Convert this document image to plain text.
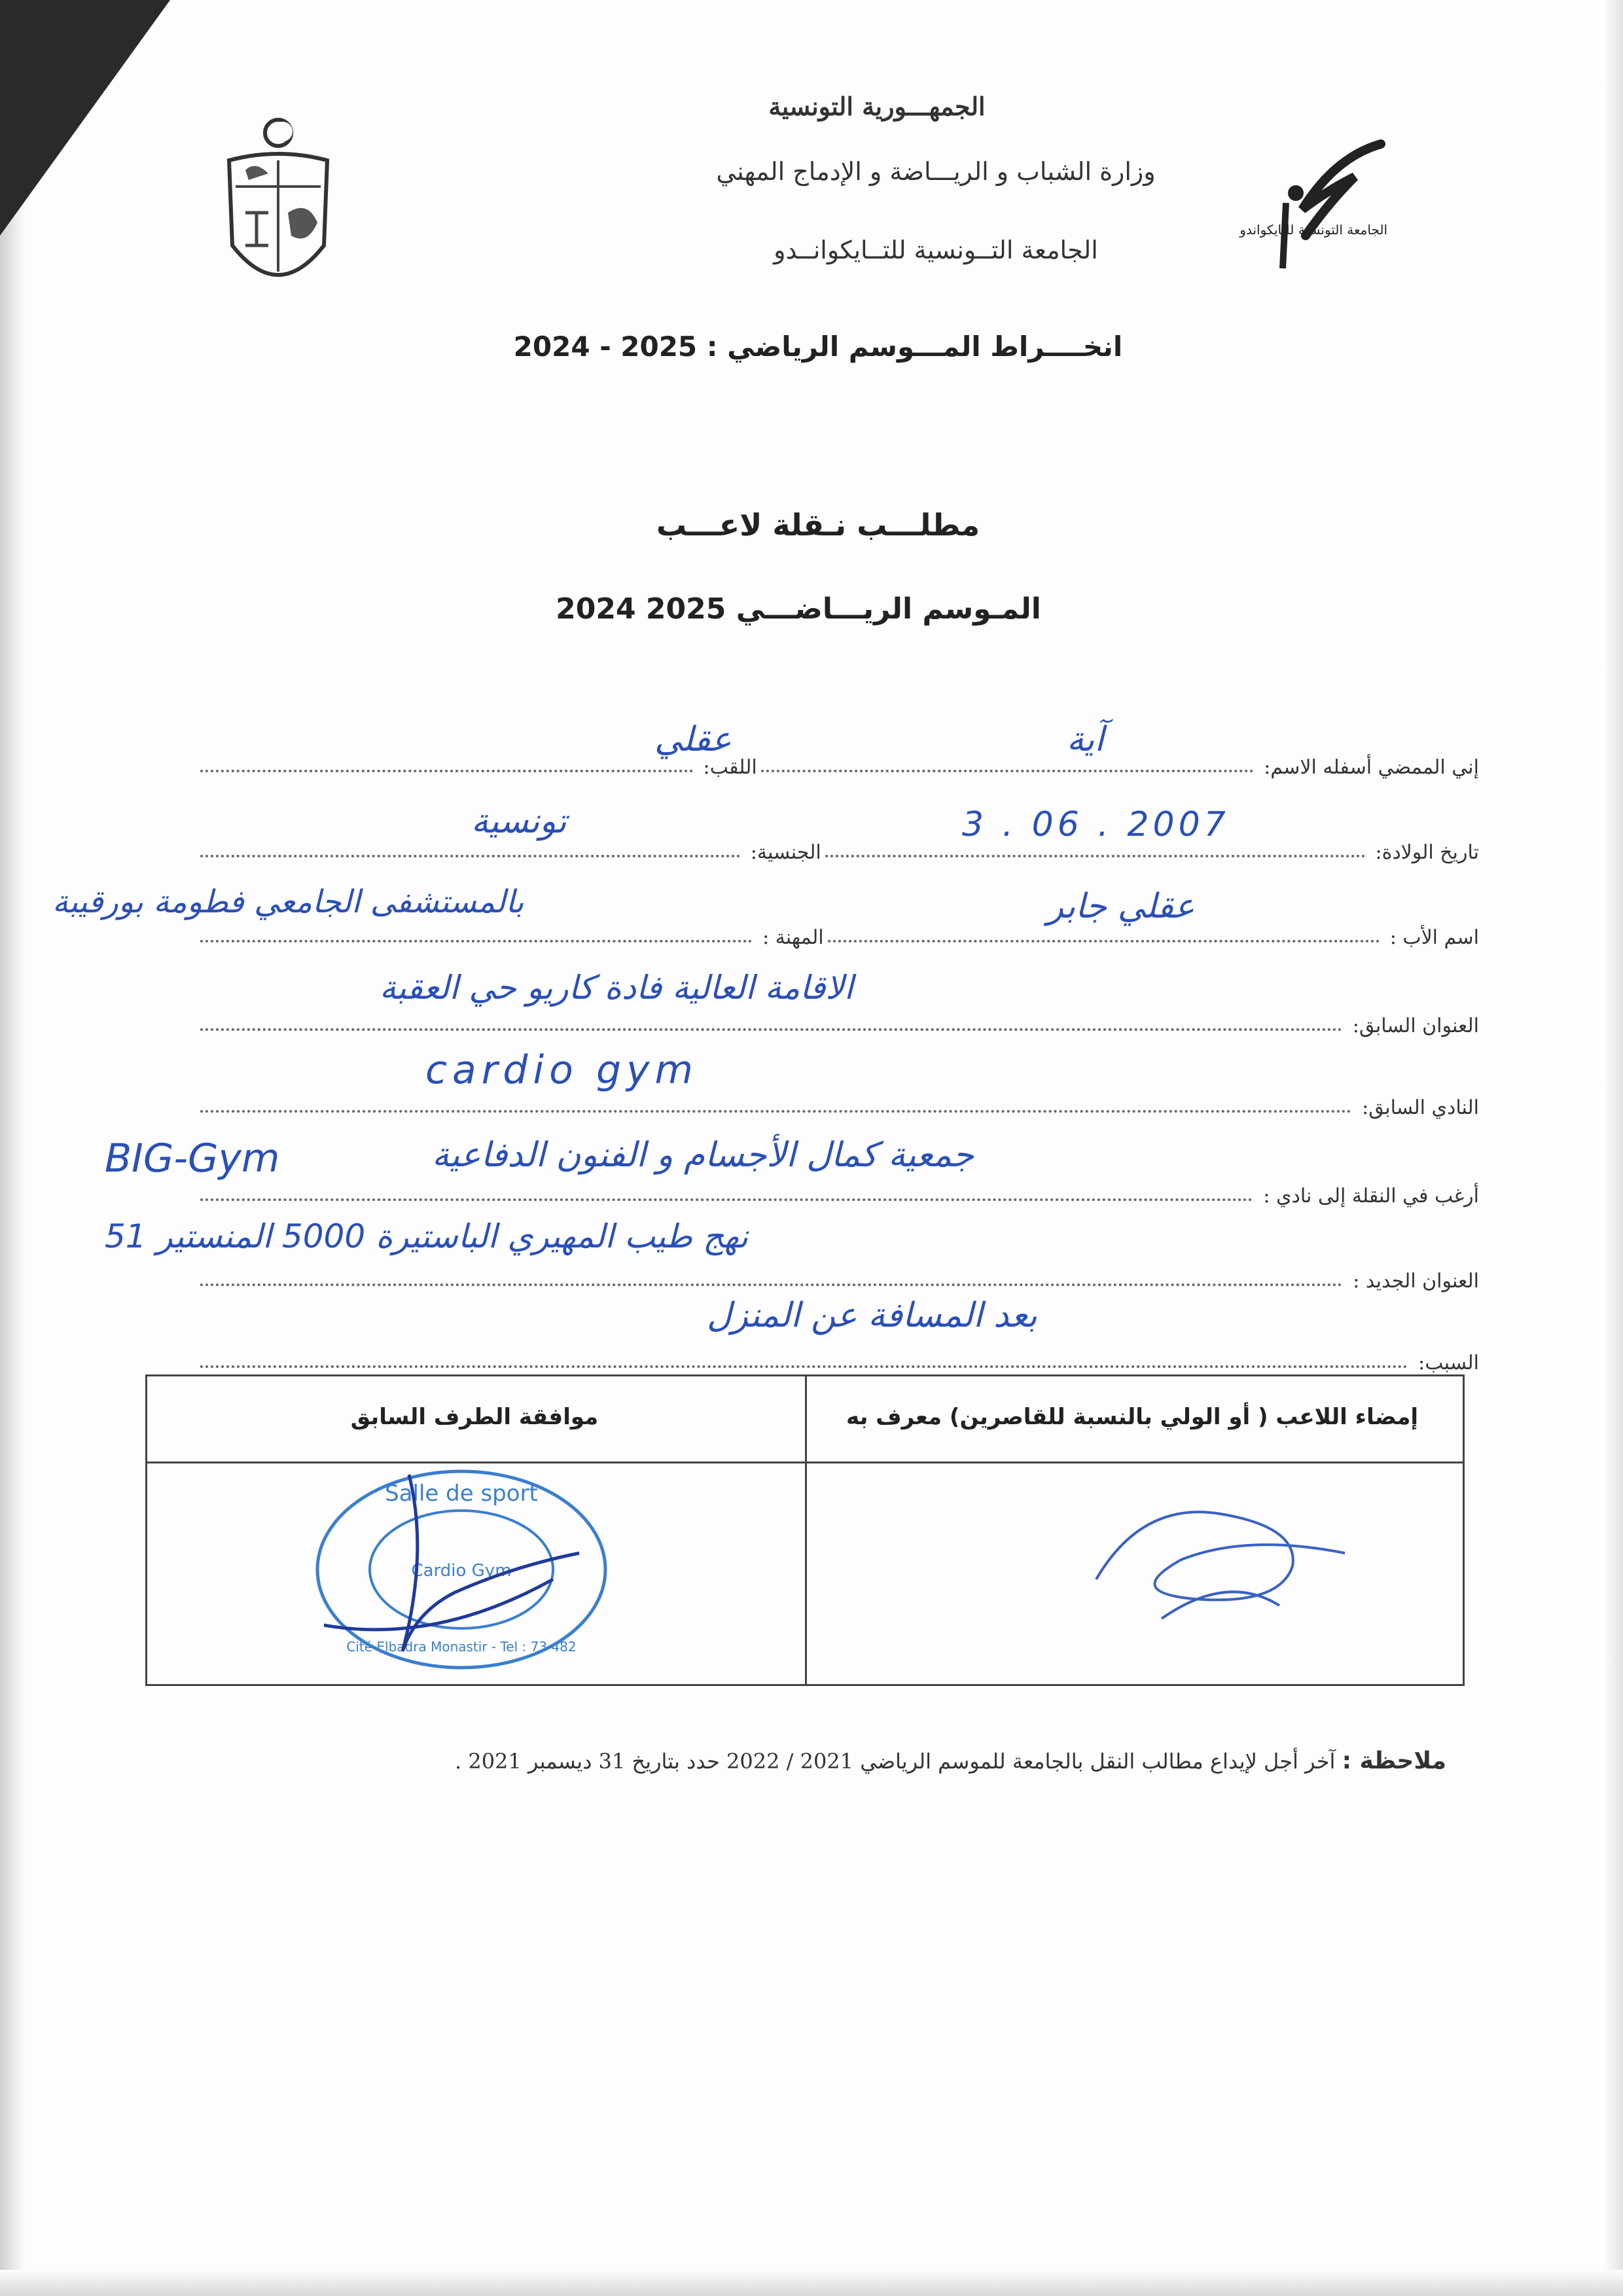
الجامعة التونسية للتايكواندو
الجمهـــورية التونسية
وزارة الشباب و الريـــاضة و الإدماج المهني
الجامعة التــونسية للتــايكوانــدو
انخــــراط المـــوسم الرياضي : 2024 - 2025
مطلـــب نـقلة لاعـــب
المـوسم الريـــاضـــي 2024 2025
إني الممضي أسفله الاسم:
اللقب:
آية
عقلي
تاريخ الولادة:
الجنسية:
3 . 06 . 2007
تونسية
اسم الأب :
المهنة :
عقلي جابر
بالمستشفى الجامعي فطومة بورقيبة
العنوان السابق:
الاقامة العالية فادة كاريو حي العقبة
النادي السابق:
cardio gym
أرغب في النقلة إلى نادي :
جمعية كمال الأجسام و الفنون الدفاعية
BIG-Gym
العنوان الجديد :
51 نهج طيب المهيري الباستيرة 5000 المنستير
السبب:
بعد المسافة عن المنزل
إمضاء اللاعب ( أو الولي بالنسبة للقاصرين) معرف به
موافقة الطرف السابق
Salle de sport
Cardio Gym
Cité Elbadra Monastir - Tel : 73 482
ملاحظة : آخر أجل لإيداع مطالب النقل بالجامعة للموسم الرياضي 2021 / 2022 حدد بتاريخ 31 ديسمبر 2021 .
